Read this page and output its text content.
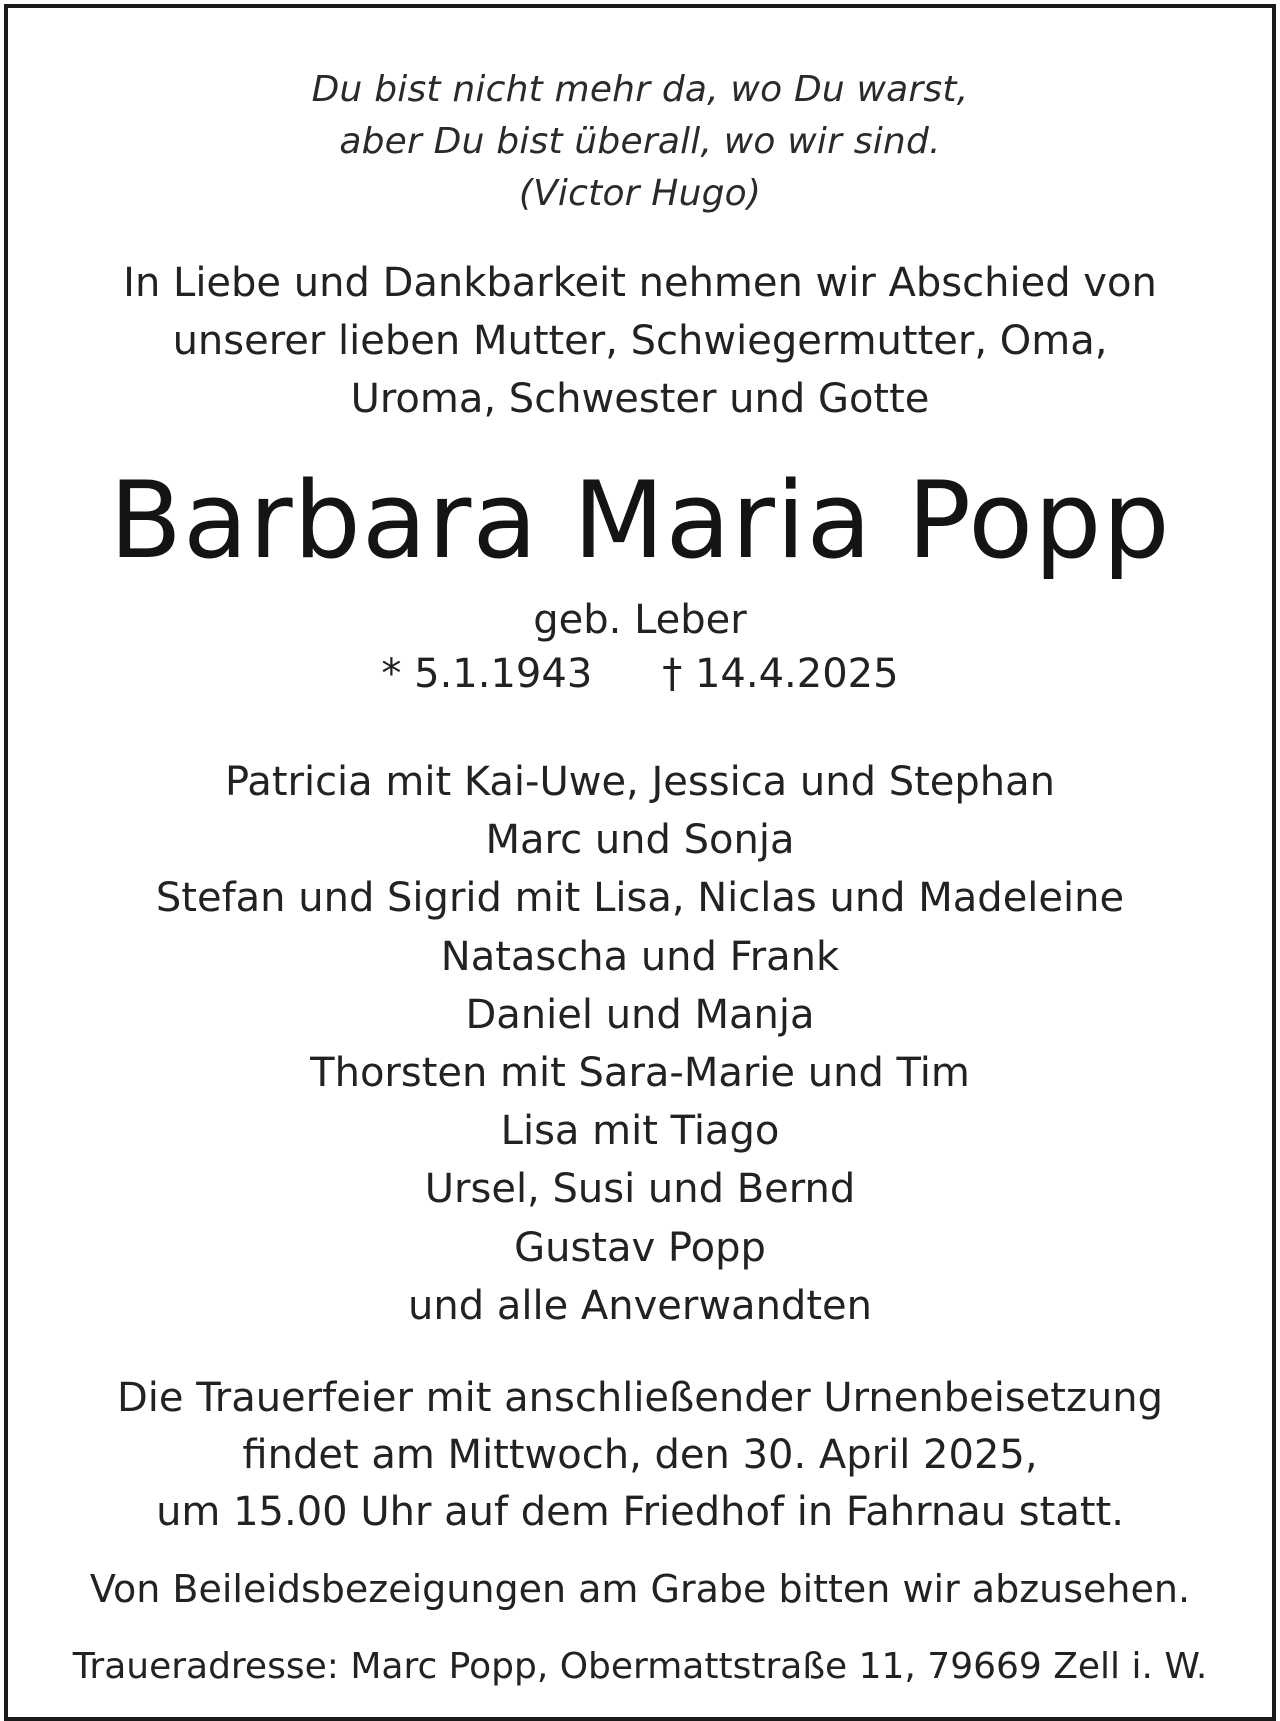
Du bist nicht mehr da, wo Du warst,
aber Du bist überall, wo wir sind.
(Victor Hugo)
In Liebe und Dankbarkeit nehmen wir Abschied von
unserer lieben Mutter, Schwiegermutter, Oma,
Uroma, Schwester und Gotte
Barbara Maria Popp
geb. Leber
* 5.1.1943 † 14.4.2025
Patricia mit Kai-Uwe, Jessica und Stephan
Marc und Sonja
Stefan und Sigrid mit Lisa, Niclas und Madeleine
Natascha und Frank
Daniel und Manja
Thorsten mit Sara-Marie und Tim
Lisa mit Tiago
Ursel, Susi und Bernd
Gustav Popp
und alle Anverwandten
Die Trauerfeier mit anschließender Urnenbeisetzung
findet am Mittwoch, den 30. April 2025,
um 15.00 Uhr auf dem Friedhof in Fahrnau statt.
Von Beileidsbezeigungen am Grabe bitten wir abzusehen.
Traueradresse: Marc Popp, Obermattstraße 11, 79669 Zell i. W.
